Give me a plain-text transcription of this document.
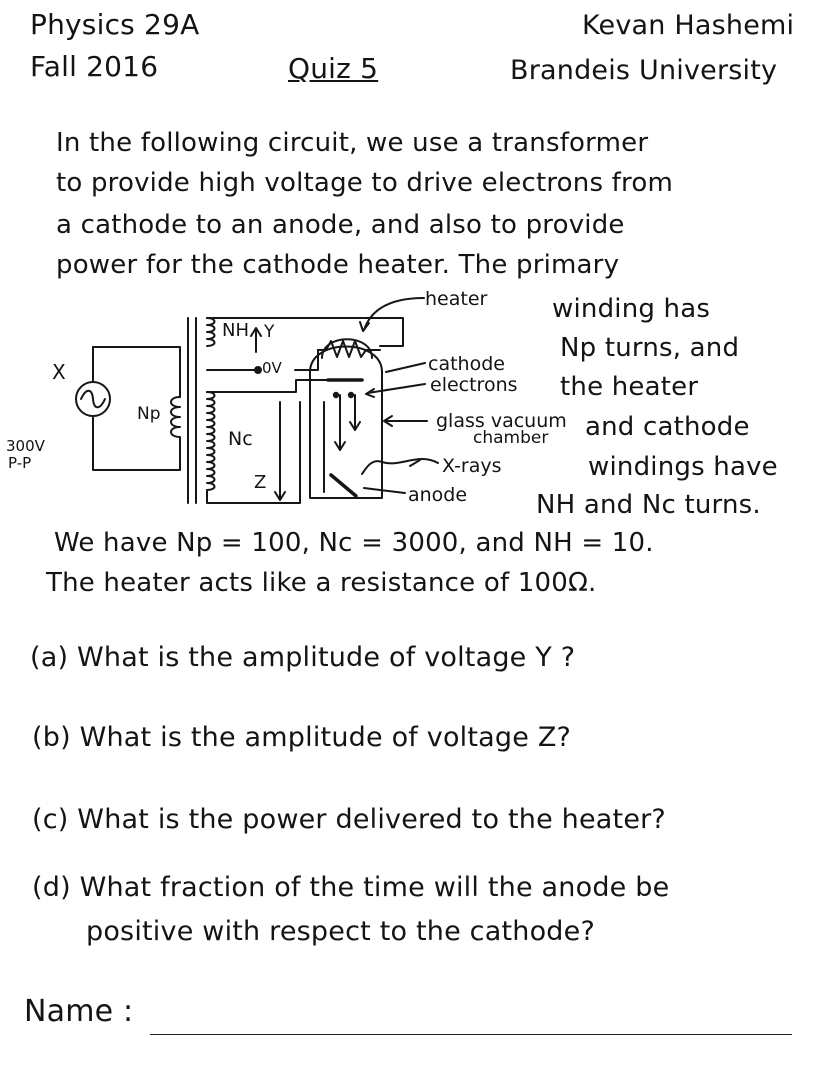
Physics 29A
Fall 2016	Quiz 5
Kevan Hashemi
Brandeis University
In the following circuit, we use a transformer
to provide high voltage to drive electrons from
a cathode to an anode, and also to provide
power for the cathode heater. The primary
winding has
Np turns, and
the heater
and cathode
windings have
NH and Nc turns.
X
300V
P-P
Np
NH Y
0V
Nc
Z
heater
cathode
electrons
glass vacuum
chamber
X-rays
anode
We have Np = 100, Nc = 3000, and NH = 10.
The heater acts like a resistance of 100Ω.
(a) What is the amplitude of voltage Y ?
(b) What is the amplitude of voltage Z?
(c) What is the power delivered to the heater?
(d) What fraction of the time will the anode be
positive with respect to the cathode?
Name :
